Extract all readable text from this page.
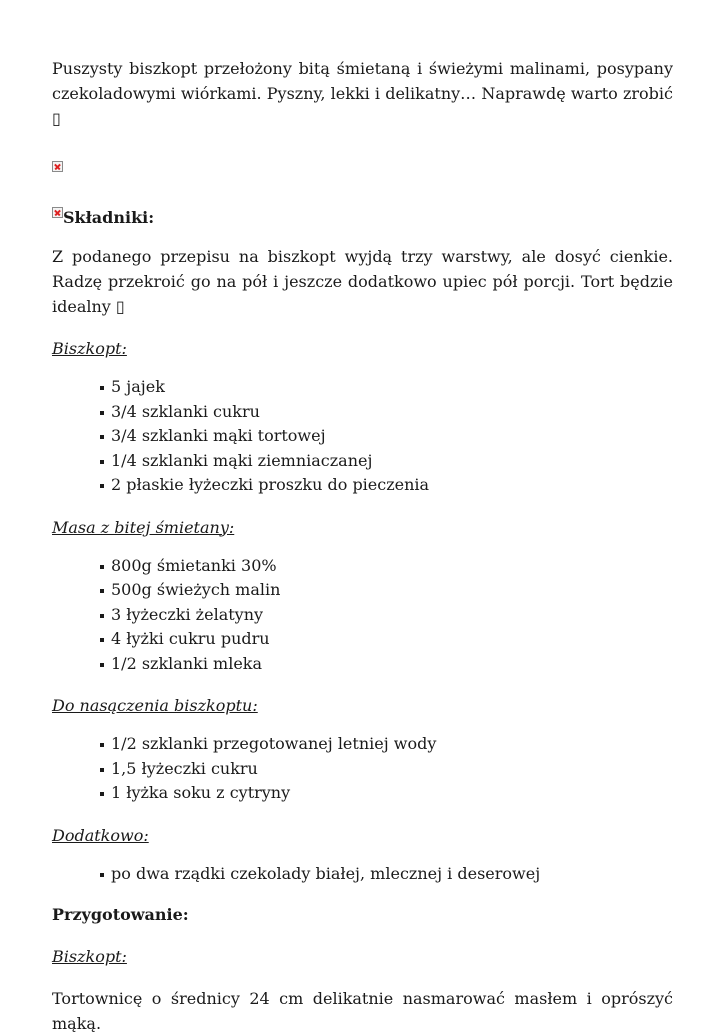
Puszysty biszkopt przełożony bitą śmietaną i świeżymi malinami, posypany czekoladowymi wiórkami. Pyszny, lekki i delikatny… Naprawdę warto zrobić ▯

Składniki:

Z podanego przepisu na biszkopt wyjdą trzy warstwy, ale dosyć cienkie. Radzę przekroić go na pół i jeszcze dodatkowo upiec pół porcji. Tort będzie idealny ▯

Biszkopt:

5 jajek
3/4 szklanki cukru
3/4 szklanki mąki tortowej
1/4 szklanki mąki ziemniaczanej
2 płaskie łyżeczki proszku do pieczenia

Masa z bitej śmietany:

800g śmietanki 30%
500g świeżych malin
3 łyżeczki żelatyny
4 łyżki cukru pudru
1/2 szklanki mleka

Do nasączenia biszkoptu:

1/2 szklanki przegotowanej letniej wody
1,5 łyżeczki cukru
1 łyżka soku z cytryny

Dodatkowo:

po dwa rządki czekolady białej, mlecznej i deserowej

Przygotowanie:

Biszkopt:

Tortownicę o średnicy 24 cm delikatnie nasmarować masłem i oprószyć mąką.
